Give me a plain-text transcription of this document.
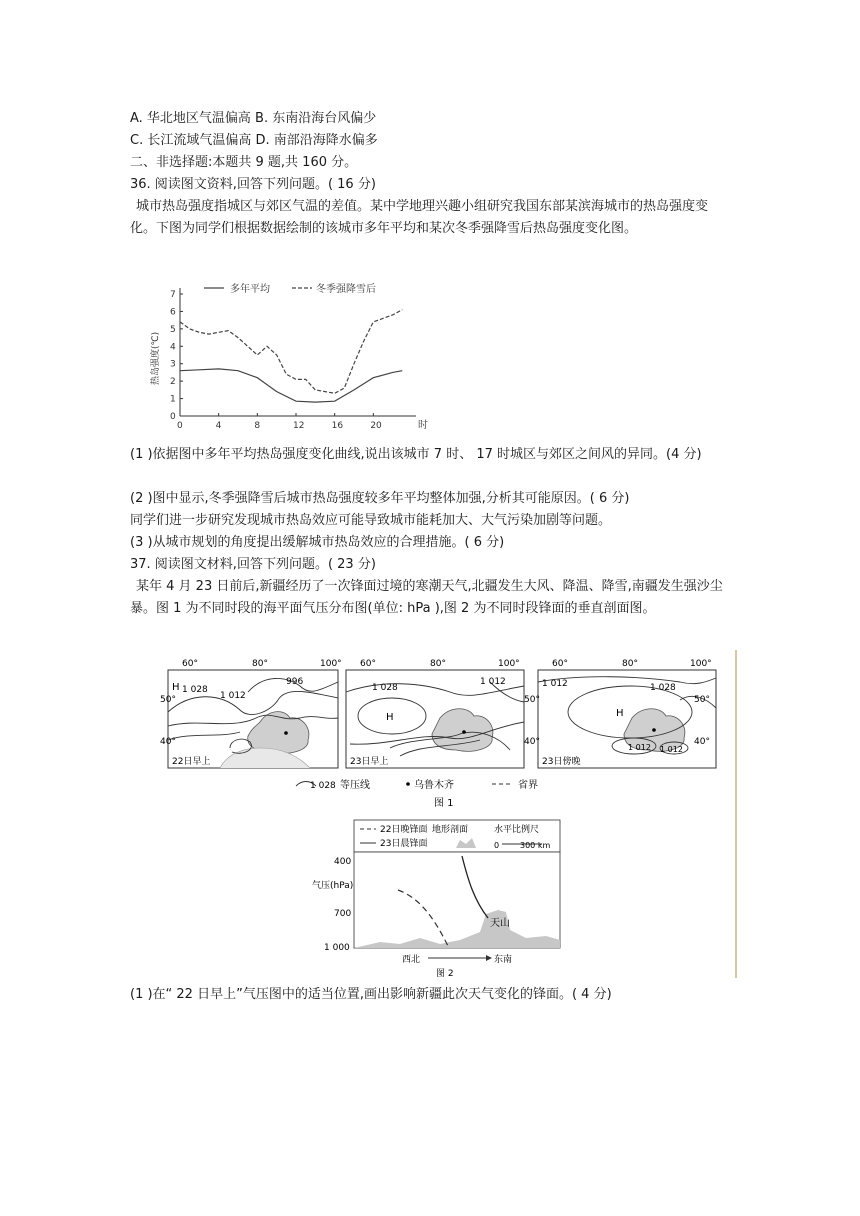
A. 华北地区气温偏高 B. 东南沿海台风偏少
C. 长江流域气温偏高 D. 南部沿海降水偏多
二、非选择题:本题共 9 题,共 160 分。
36. 阅读图文资料,回答下列问题。( 16 分)
城市热岛强度指城区与郊区气温的差值。某中学地理兴趣小组研究我国东部某滨海城市的热岛强度变化。下图为同学们根据数据绘制的该城市多年平均和某次冬季强降雪后热岛强度变化图。
0
1
2
3
4
5
6
7
0	4	8	12	16	20	时
热岛强度(℃)
多年平均	冬季强降雪后
(1 )依据图中多年平均热岛强度变化曲线,说出该城市 7 时、 17 时城区与郊区之间风的异同。(4 分)
(2 )图中显示,冬季强降雪后城市热岛强度较多年平均整体加强,分析其可能原因。( 6 分)
同学们进一步研究发现城市热岛效应可能导致城市能耗加大、大气污染加剧等问题。
(3 )从城市规划的角度提出缓解城市热岛效应的合理措施。( 6 分)
37. 阅读图文材料,回答下列问题。( 23 分)
某年 4 月 23 日前后,新疆经历了一次锋面过境的寒潮天气,北疆发生大风、降温、降雪,南疆发生强沙尘暴。图 1 为不同时段的海平面气压分布图(单位: hPa ),图 2 为不同时段锋面的垂直剖面图。
60°	80°	100° 60°	80°	100°	60°	80°	100°
H 1 028
1 012
996
22日早上
H
1 028
1 012
23日早上
H
1 012	1 028
1 012 1 012
23日傍晚
50°
40°
50°
40°
50°
40°
1 028 等压线	乌鲁木齐	省界
图 1
22日晚锋面
23日晨锋面
地形剖面	水平比例尺
0	300 km
400
700
1 000
气压(hPa)
天山
西北	东南
图 2
(1 )在“ 22 日早上”气压图中的适当位置,画出影响新疆此次天气变化的锋面。( 4 分)
